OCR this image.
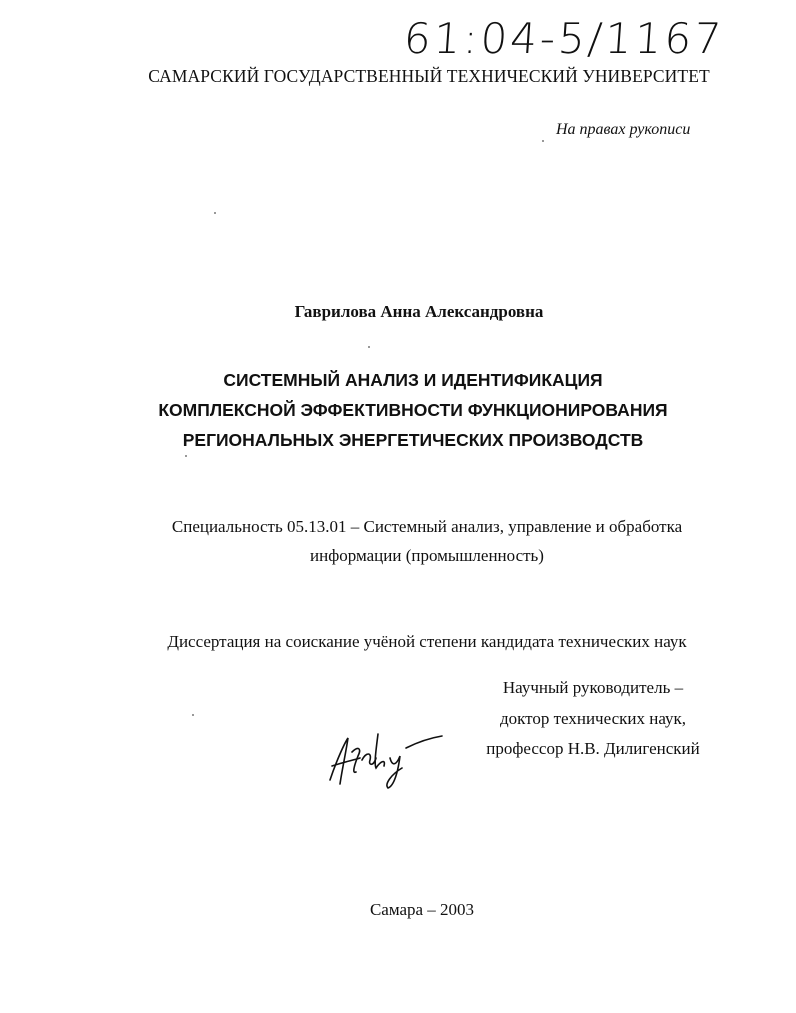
61:04-5/1167
САМАРСКИЙ ГОСУДАРСТВЕННЫЙ ТЕХНИЧЕСКИЙ УНИВЕРСИТЕТ
На правах рукописи
Гаврилова Анна Александровна
СИСТЕМНЫЙ АНАЛИЗ И ИДЕНТИФИКАЦИЯ
КОМПЛЕКСНОЙ ЭФФЕКТИВНОСТИ ФУНКЦИОНИРОВАНИЯ
РЕГИОНАЛЬНЫХ ЭНЕРГЕТИЧЕСКИХ ПРОИЗВОДСТВ
Специальность 05.13.01 – Системный анализ, управление и обработка
информации (промышленность)
Диссертация на соискание учёной степени кандидата технических наук
Научный руководитель –
доктор технических наук,
профессор Н.В. Дилигенский
Самара – 2003
